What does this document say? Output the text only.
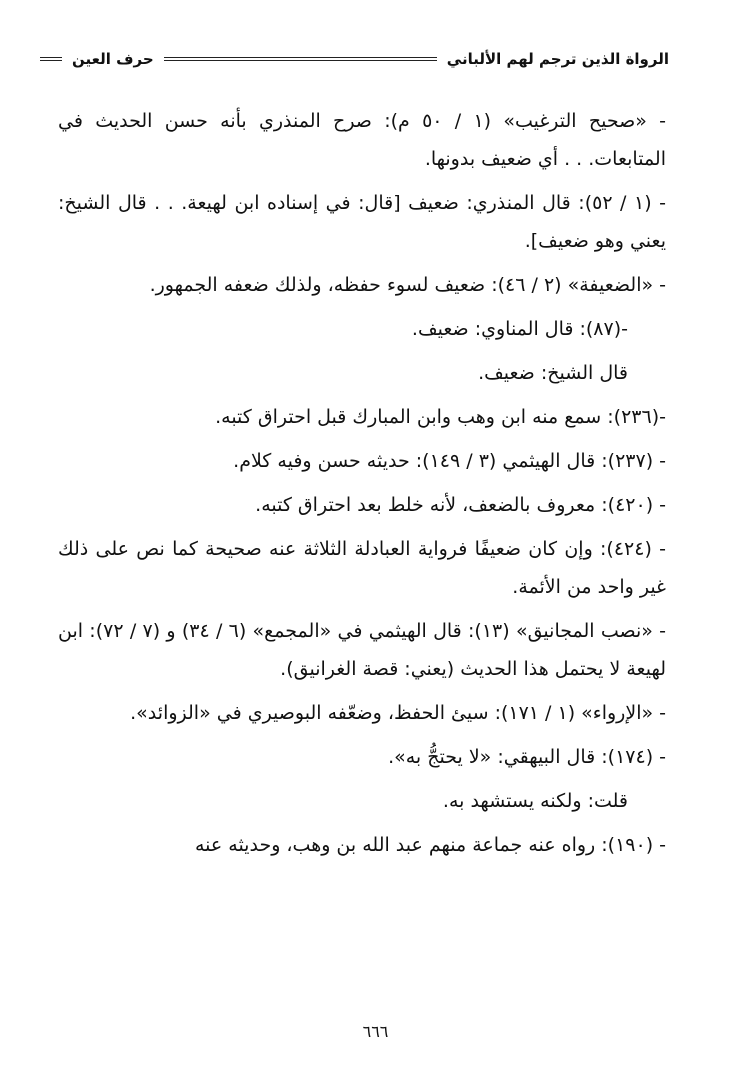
الرواة الذين ترجم لهم الألباني
حرف العين

- «صحيح الترغيب» (١ / ٥٠ م): صرح المنذري بأنه حسن الحديث في المتابعات. . . أي ضعيف بدونها.

- (١ / ٥٢): قال المنذري: ضعيف [قال: في إسناده ابن لهيعة. . . قال الشيخ: يعني وهو ضعيف].

- «الضعيفة» (٢ / ٤٦): ضعيف لسوء حفظه، ولذلك ضعفه الجمهور.

-(٨٧): قال المناوي: ضعيف.

قال الشيخ: ضعيف.

-(٢٣٦): سمع منه ابن وهب وابن المبارك قبل احتراق كتبه.

- (٢٣٧): قال الهيثمي (٣ / ١٤٩): حديثه حسن وفيه كلام.

- (٤٢٠): معروف بالضعف، لأنه خلط بعد احتراق كتبه.

- (٤٢٤): وإن كان ضعيفًا فرواية العبادلة الثلاثة عنه صحيحة كما نص على ذلك غير واحد من الأئمة.

- «نصب المجانيق» (١٣): قال الهيثمي في «المجمع» (٦ / ٣٤) و (٧ / ٧٢): ابن لهيعة لا يحتمل هذا الحديث (يعني: قصة الغرانيق).

- «الإرواء» (١ / ١٧١): سيئ الحفظ، وضعّفه البوصيري في «الزوائد».

- (١٧٤): قال البيهقي: «لا يحتجُّ به».

قلت: ولكنه يستشهد به.

- (١٩٠): رواه عنه جماعة منهم عبد الله بن وهب، وحديثه عنه

٦٦٦
